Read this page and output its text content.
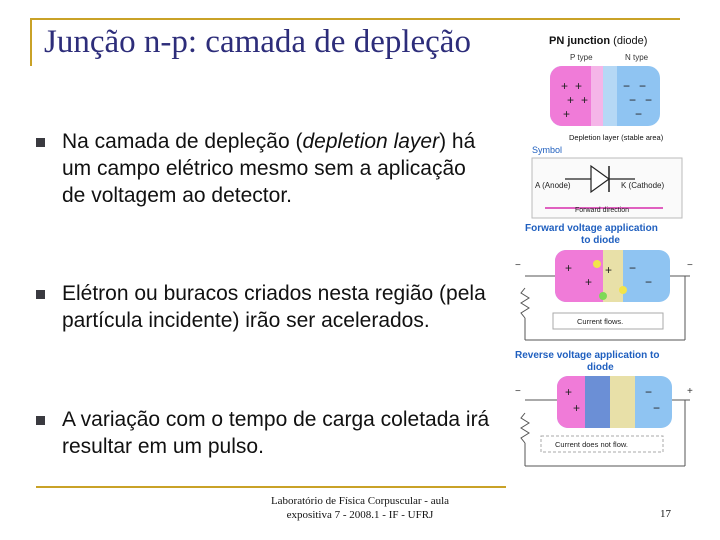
Junção n-p: camada de depleção
Na camada de depleção (depletion layer) há um campo elétrico mesmo sem a aplicação de voltagem ao detector.
Elétron ou buracos criados nesta região (pela partícula incidente) irão ser acelerados.
A variação com o tempo de carga coletada irá resultar em um pulso.
PN junction (diode)
P type	N type
+ +
+ +
+
− −
− −
−
Depletion layer (stable area)
Symbol
A (Anode)	K (Cathode)
Forward direction
Forward voltage application
to diode
+
+
+ −
−
−	−
Current flows.
Reverse voltage application to
diode
+
+
−
−
−	+
Current does not flow.
Laboratório de Física Corpuscular - aula expositiva 7 - 2008.1 - IF - UFRJ	17
